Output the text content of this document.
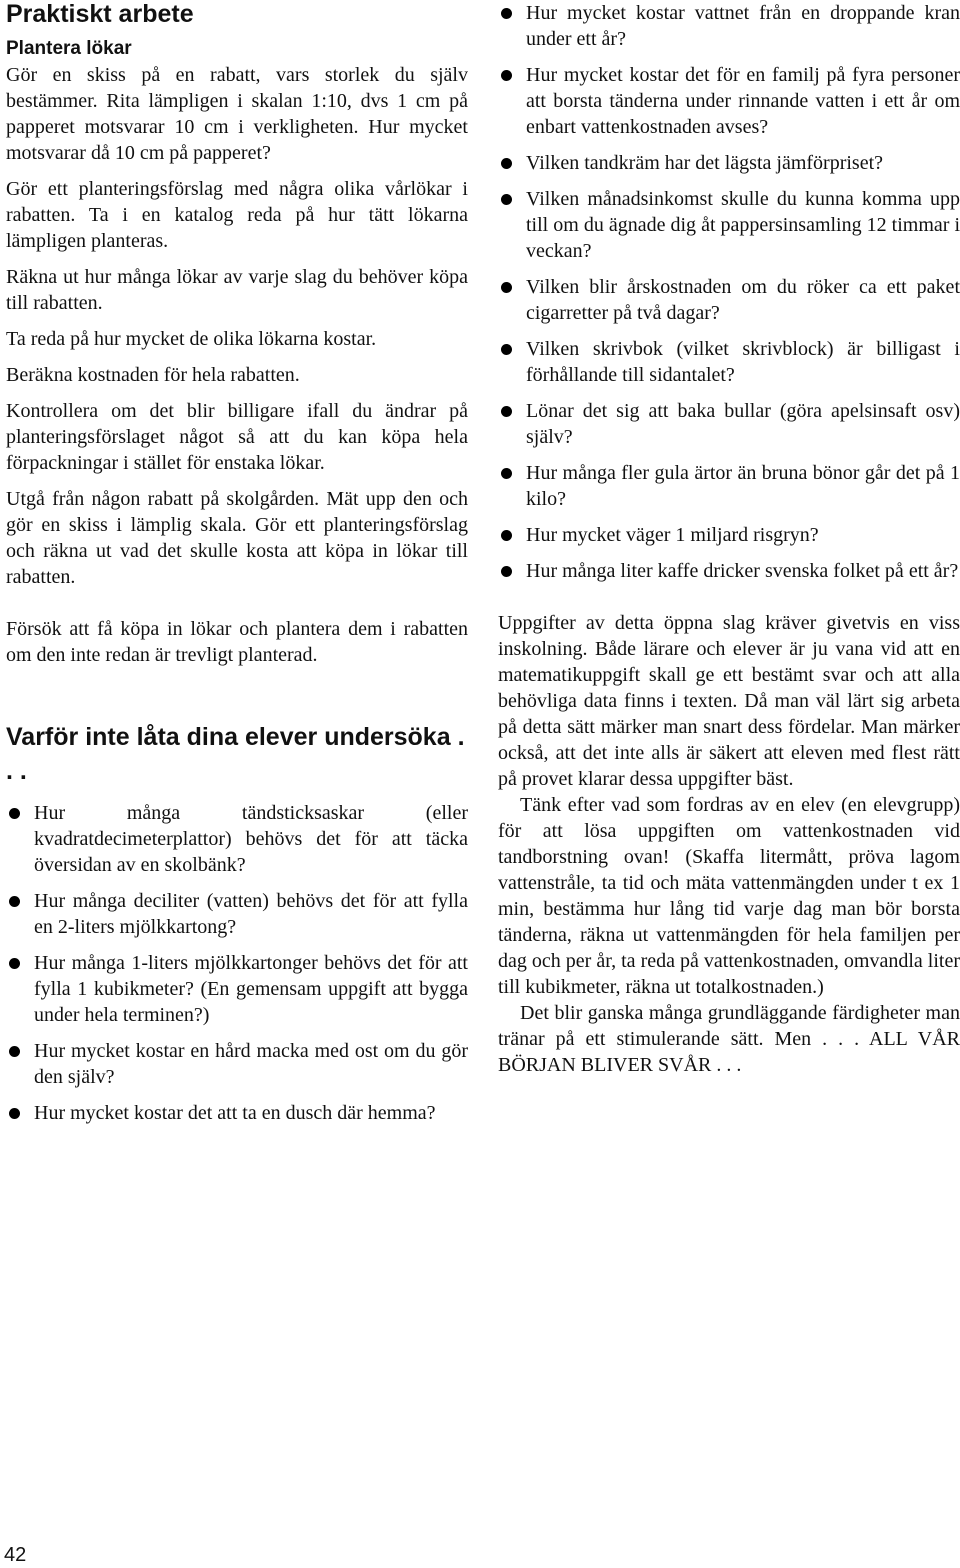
Praktiskt arbete
Plantera lökar

Gör en skiss på en rabatt, vars storlek du själv bestämmer. Rita lämpligen i skalan 1:10, dvs 1 cm på papperet motsvarar 10 cm i verkligheten. Hur mycket motsvarar då 10 cm på papperet?

Gör ett planteringsförslag med några olika vårlökar i rabatten. Ta i en katalog reda på hur tätt lökarna lämpligen planteras.

Räkna ut hur många lökar av varje slag du behöver köpa till rabatten.

Ta reda på hur mycket de olika lökarna kostar.

Beräkna kostnaden för hela rabatten.

Kontrollera om det blir billigare ifall du ändrar på planteringsförslaget något så att du kan köpa hela förpackningar i stället för enstaka lökar.

Utgå från någon rabatt på skolgården. Mät upp den och gör en skiss i lämplig skala. Gör ett planteringsförslag och räkna ut vad det skulle kosta att köpa in lökar till rabatten.

Försök att få köpa in lökar och plantera dem i rabatten om den inte redan är trevligt planterad.

Varför inte låta dina elever undersöka . . .
Hur många tändsticksaskar (eller kvadratdecimeterplattor) behövs det för att täcka översidan av en skolbänk?
Hur många deciliter (vatten) behövs det för att fylla en 2-liters mjölkkartong?
Hur många 1-liters mjölkkartonger behövs det för att fylla 1 kubikmeter? (En gemensam uppgift att bygga under hela terminen?)
Hur mycket kostar en hård macka med ost om du gör den själv?
Hur mycket kostar det att ta en dusch där hemma?
Hur mycket kostar vattnet från en droppande kran under ett år?
Hur mycket kostar det för en familj på fyra personer att borsta tänderna under rinnande vatten i ett år om enbart vattenkostnaden avses?
Vilken tandkräm har det lägsta jämförpriset?
Vilken månadsinkomst skulle du kunna komma upp till om du ägnade dig åt pappersinsamling 12 timmar i veckan?
Vilken blir årskostnaden om du röker ca ett paket cigarretter på två dagar?
Vilken skrivbok (vilket skrivblock) är billigast i förhållande till sidantalet?
Lönar det sig att baka bullar (göra apelsinsaft osv) själv?
Hur många fler gula ärtor än bruna bönor går det på 1 kilo?
Hur mycket väger 1 miljard risgryn?
Hur många liter kaffe dricker svenska folket på ett år?

Uppgifter av detta öppna slag kräver givetvis en viss inskolning. Både lärare och elever är ju vana vid att en matematikuppgift skall ge ett bestämt svar och att alla behövliga data finns i texten. Då man väl lärt sig arbeta på detta sätt märker man snart dess fördelar. Man märker också, att det inte alls är säkert att eleven med flest rätt på provet klarar dessa uppgifter bäst.

Tänk efter vad som fordras av en elev (en elevgrupp) för att lösa uppgiften om vattenkostnaden vid tandborstning ovan! (Skaffa litermått, pröva lagom vattenstråle, ta tid och mäta vattenmängden under t ex 1 min, bestämma hur lång tid varje dag man bör borsta tänderna, räkna ut vattenmängden för hela familjen per dag och per år, ta reda på vattenkostnaden, omvandla liter till kubikmeter, räkna ut totalkostnaden.)

Det blir ganska många grundläggande färdigheter man tränar på ett stimulerande sätt. Men . . . ALL VÅR BÖRJAN BLIVER SVÅR . . .

42
